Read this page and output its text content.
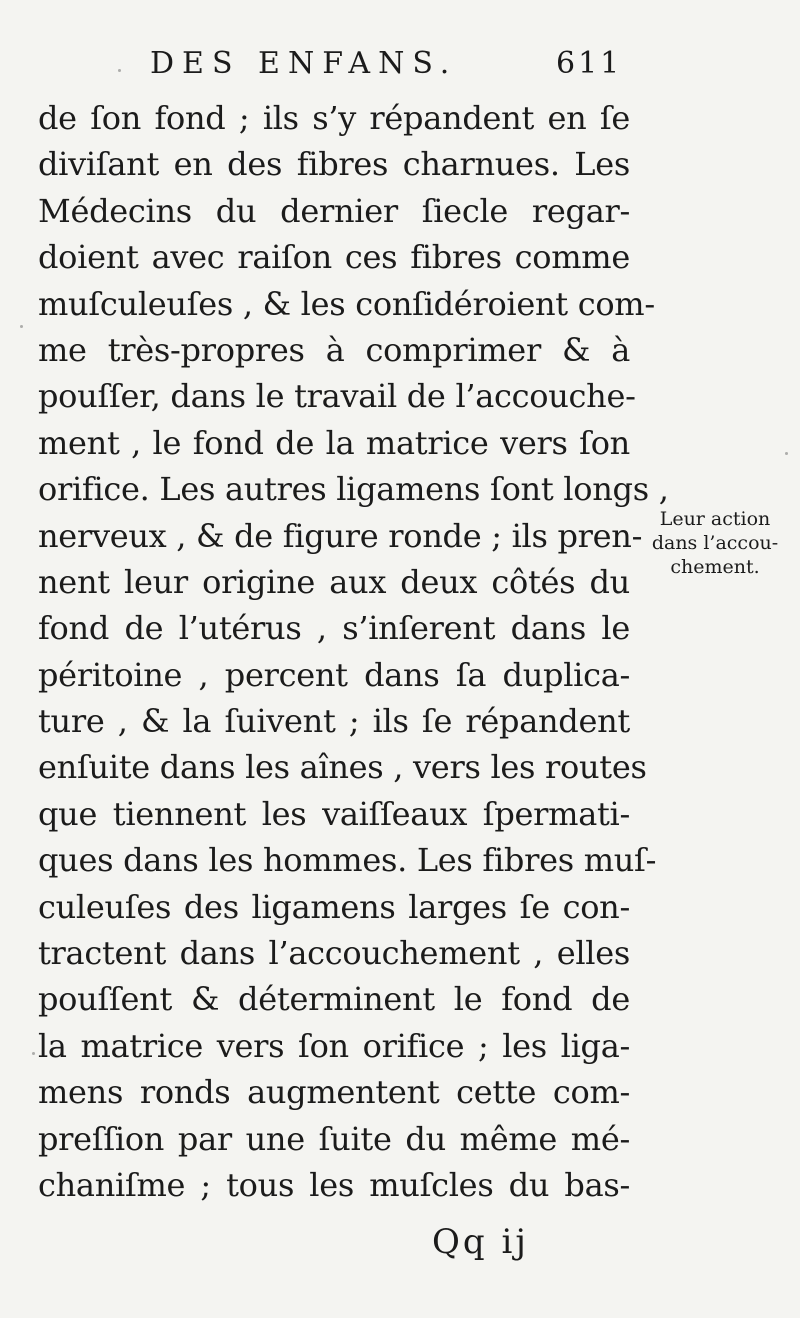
DES ENFANS.	611
de ſon fond ; ils s’y répandent en ſe
diviſant en des fibres charnues. Les
Médecins du dernier ſiecle regar-
doient avec raiſon ces fibres comme
muſculeuſes , & les conſidéroient com-
me très-propres à comprimer & à
pouſſer, dans le travail de l’accouche-
ment , le fond de la matrice vers ſon
orifice. Les autres ligamens ſont longs ,
nerveux , & de figure ronde ; ils pren-
nent leur origine aux deux côtés du
fond de l’utérus , s’inſerent dans le
péritoine , percent dans ſa duplica-
ture , & la ſuivent ; ils ſe répandent
enſuite dans les aînes , vers les routes
que tiennent les vaiſſeaux ſpermati-
ques dans les hommes. Les fibres muſ-
culeuſes des ligamens larges ſe con-
tractent dans l’accouchement , elles
pouſſent & déterminent le fond de
la matrice vers ſon orifice ; les liga-
mens ronds augmentent cette com-
preſſion par une ſuite du même mé-
chaniſme ; tous les muſcles du bas-
Leur action
dans l’accou-
chement.
Qq ij
